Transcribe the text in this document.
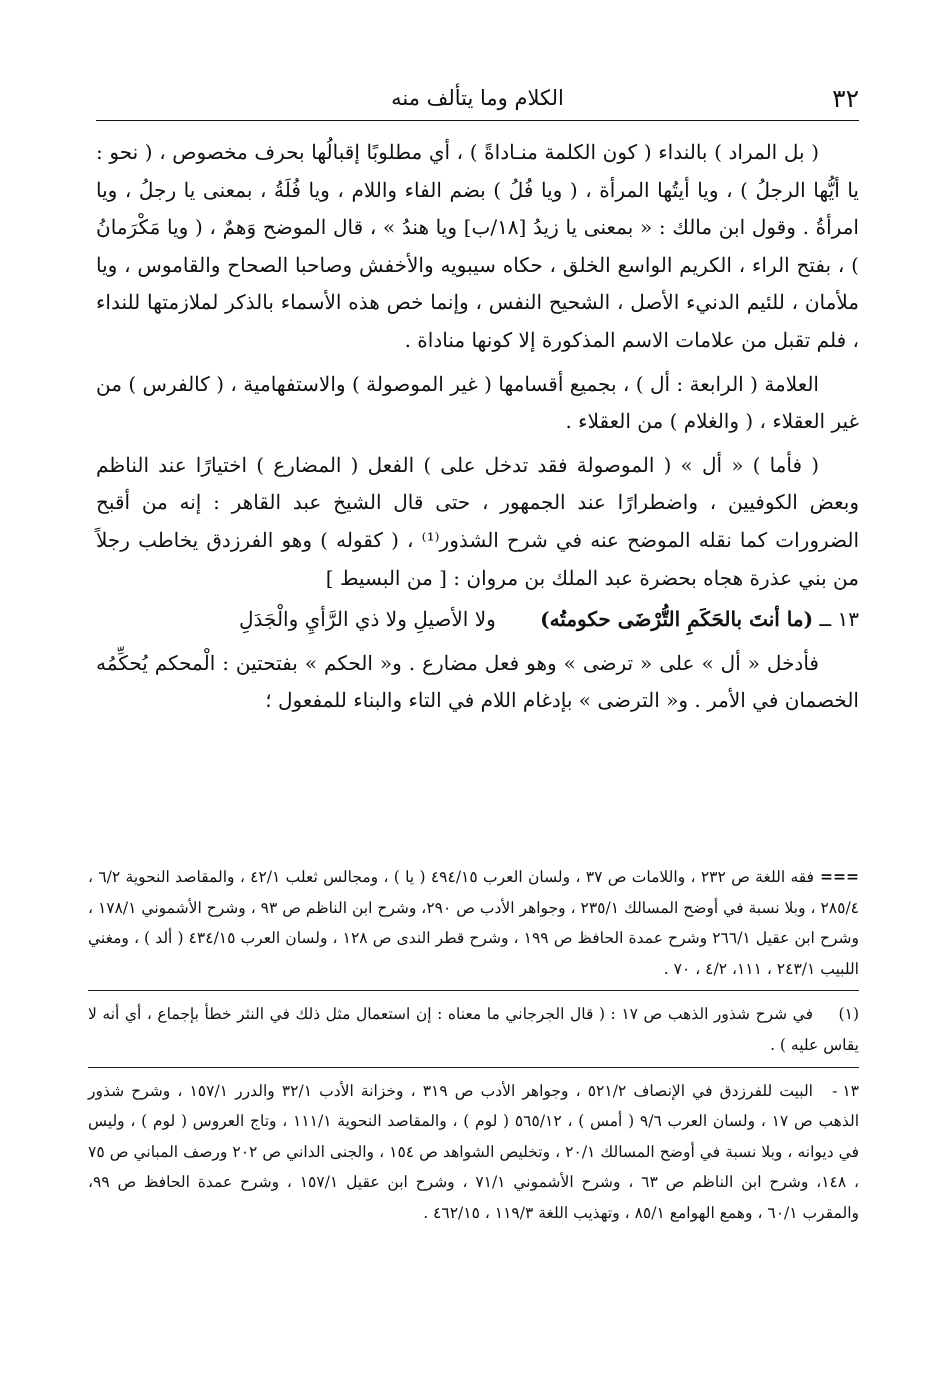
٣٢
الكلام وما يتألف منه

( بل المراد ) بالنداء ( كون الكلمة منـاداةً ) ، أي مطلوبًا إقبالُها بحرف مخصوص ، ( نحو : يا أيُّها الرجلُ ) ، ويا أيتُها المرأة ، ( ويا فُلُ ) بضم الفاء واللام ، ويا فُلَةُ ، بمعنى يا رجلُ ، ويا امرأةُ . وقول ابن مالك : « بمعنى يا زيدُ [١٨/ب] ويا هندُ » ، قال الموضح وَهمٌ ، ( ويا مَكْرَمانُ ) ، بفتح الراء ، الكريم الواسع الخلق ، حكاه سيبويه والأخفش وصاحبا الصحاح والقاموس ، ويا ملأمان ، للئيم الدنيء الأصل ، الشحيح النفس ، وإنما خص هذه الأسماء بالذكر لملازمتها للنداء ، فلم تقبل من علامات الاسم المذكورة إلا كونها مناداة .

العلامة ( الرابعة : أل ) ، بجميع أقسامها ( غير الموصولة ) والاستفهامية ، ( كالفرس ) من غير العقلاء ، ( والغلام ) من العقلاء .

( فأما ) « أل » ( الموصولة فقد تدخل على ) الفعل ( المضارع ) اختيارًا عند الناظم وبعض الكوفيين ، واضطرارًا عند الجمهور ، حتى قال الشيخ عبد القاهر : إنه من أقبح الضرورات كما نقله الموضح عنه في شرح الشذور⁽¹⁾ ، ( كقوله ) وهو الفرزدق يخاطب رجلاً من بني عذرة هجاه بحضرة عبد الملك بن مروان : [ من البسيط ]

١٣ ــ (ما أنتَ بالحَكَمِ التُّرْضَى حكومتُه) ولا الأصيلِ ولا ذي الرَّأيِ والْجَدَلِ

فأدخل « أل » على « ترضى » وهو فعل مضارع . و« الحكم » بفتحتين : الْمحكم يُحكِّمُه الخصمان في الأمر . و« الترضى » بإدغام اللام في التاء والبناء للمفعول ؛

===فقه اللغة ص ٢٣٢ ، واللامات ص ٣٧ ، ولسان العرب ٤٩٤/١٥ ( يا ) ، ومجالس ثعلب ٤٢/١ ، والمقاصد النحوية ٦/٢ ، ٢٨٥/٤ ، وبلا نسبة في أوضح المسالك ٢٣٥/١ ، وجواهر الأدب ص ٢٩٠، وشرح ابن الناظم ص ٩٣ ، وشرح الأشموني ١٧٨/١ ، وشرح ابن عقيل ٢٦٦/١ وشرح عمدة الحافظ ص ١٩٩ ، وشرح قطر الندى ص ١٢٨ ، ولسان العرب ٤٣٤/١٥ ( ألد ) ، ومغني اللبيب ٢٤٣/١ ، ١١١، ٤/٢ ، ٧٠ .

(١)في شرح شذور الذهب ص ١٧ : ( قال الجرجاني ما معناه : إن استعمال مثل ذلك في النثر خطأ بإجماع ، أي أنه لا يقاس عليه ) .

١٣ -البيت للفرزدق في الإنصاف ٥٢١/٢ ، وجواهر الأدب ص ٣١٩ ، وخزانة الأدب ٣٢/١ والدرر ١٥٧/١ ، وشرح شذور الذهب ص ١٧ ، ولسان العرب ٩/٦ ( أمس ) ، ٥٦٥/١٢ ( لوم ) ، والمقاصد النحوية ١١١/١ ، وتاج العروس ( لوم ) ، وليس في ديوانه ، وبلا نسبة في أوضح المسالك ٢٠/١ ، وتخليص الشواهد ص ١٥٤ ، والجنى الداني ص ٢٠٢ ورصف المباني ص ٧٥ ، ١٤٨، وشرح ابن الناظم ص ٦٣ ، وشرح الأشموني ٧١/١ ، وشرح ابن عقيل ١٥٧/١ ، وشرح عمدة الحافظ ص ٩٩، والمقرب ٦٠/١ ، وهمع الهوامع ٨٥/١ ، وتهذيب اللغة ١١٩/٣ ، ٤٦٢/١٥ .
